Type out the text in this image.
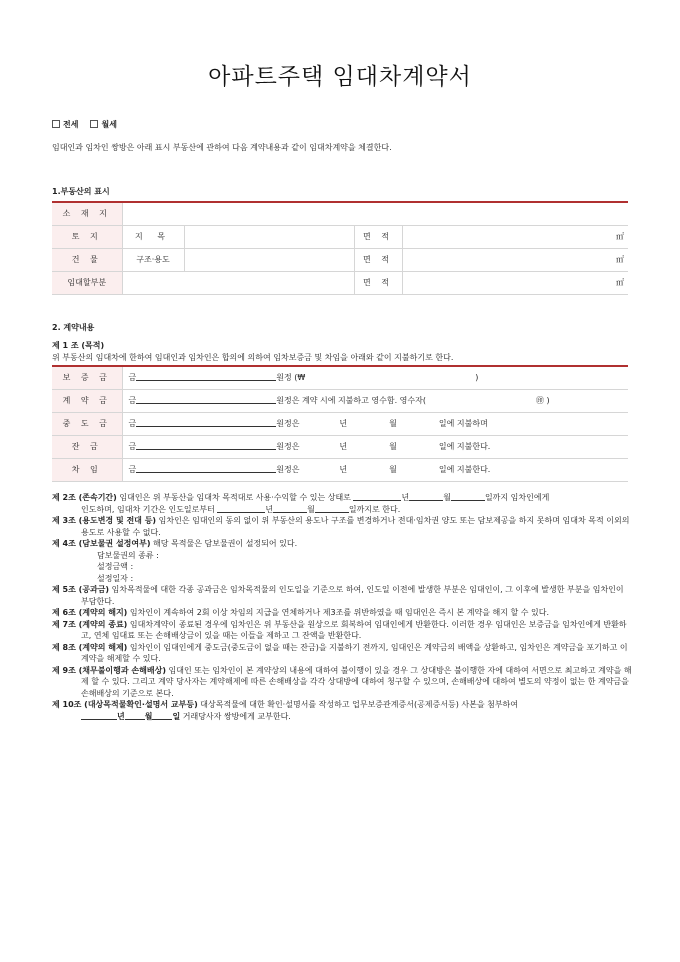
아파트주택 임대차계약서
전세	월세
임대인과 임차인 쌍방은 아래 표시 부동산에 관하여 다음 계약내용과 같이 임대차계약을 체결한다.
1.부동산의 표시
소 재 지				
토 지	지 목		면 적	㎡
건 물	구조·용도		면 적	㎡
임대할부분			면 적	㎡
2. 계약내용
제 1 조 (목적)
위 부동산의 임대차에 한하여 임대인과 임차인은 합의에 의하여 임차보증금 및 차임을 아래와 같이 지불하기로 한다.
보 증 금	금 원정 (₩ )
계 약 금	금 원정은 계약 시에 지불하고 영수함. 영수자( ㊞ )
중 도 금	금 원정은 년 월 일에 지불하며
잔 금	금 원정은 년 월 일에 지불한다.
차 임	금 원정은 년 월 일에 지불한다.
제 2조 (존속기간) 임대인은 위 부동산을 임대차 목적대로 사용·수익할 수 있는 상태로	년	월	일까지 임차인에게
인도하며, 임대차 기간은 인도일로부터	년	월	일까지로 한다.
제 3조 (용도변경 및 전대 등) 임차인은 임대인의 동의 없이 위 부동산의 용도나 구조를 변경하거나 전대·임차권 양도 또는 담보제공을 하지 못하며 임대차 목적 이외의 용도로 사용할 수 없다.
제 4조 (담보물권 설정여부) 해당 목적물은 담보물권이 설정되어 있다.
담보물권의 종류 :
설정금액 :
설정일자 :
제 5조 (공과금) 임차목적물에 대한 각종 공과금은 임차목적물의 인도일을 기준으로 하여, 인도일 이전에 발생한 부분은 임대인이, 그 이후에 발생한 부분을 임차인이 부담한다.
제 6조 (계약의 해지) 임차인이 계속하여 2회 이상 차임의 지급을 연체하거나 제3조를 위반하였을 때 임대인은 즉시 본 계약을 해지 할 수 있다.
제 7조 (계약의 종료) 임대차계약이 종료된 경우에 임차인은 위 부동산을 원상으로 회복하여 임대인에게 반환한다. 이러한 경우 임대인은 보증금을 임차인에게 반환하고, 연체 임대료 또는 손해배상금이 있을 때는 이들을 제하고 그 잔액을 반환한다.
제 8조 (계약의 해제) 임차인이 임대인에게 중도금(중도금이 없을 때는 잔금)을 지불하기 전까지, 임대인은 계약금의 배액을 상환하고, 임차인은 계약금을 포기하고 이 계약을 해제할 수 있다.
제 9조 (채무불이행과 손해배상) 임대인 또는 임차인이 본 계약상의 내용에 대하여 불이행이 있을 경우 그 상대방은 불이행한 자에 대하여 서면으로 최고하고 계약을 해제 할 수 있다. 그리고 계약 당사자는 계약해제에 따른 손해배상을 각각 상대방에 대하여 청구할 수 있으며, 손해배상에 대하여 별도의 약정이 없는 한 계약금을 손해배상의 기준으로 본다.
제 10조 (대상목적물확인·설명서 교부등) 대상목적물에 대한 확인·설명서를 작성하고 업무보증관계증서(공제증서등) 사본을 첨부하여
년	월	일 거래당사자 쌍방에게 교부한다.
